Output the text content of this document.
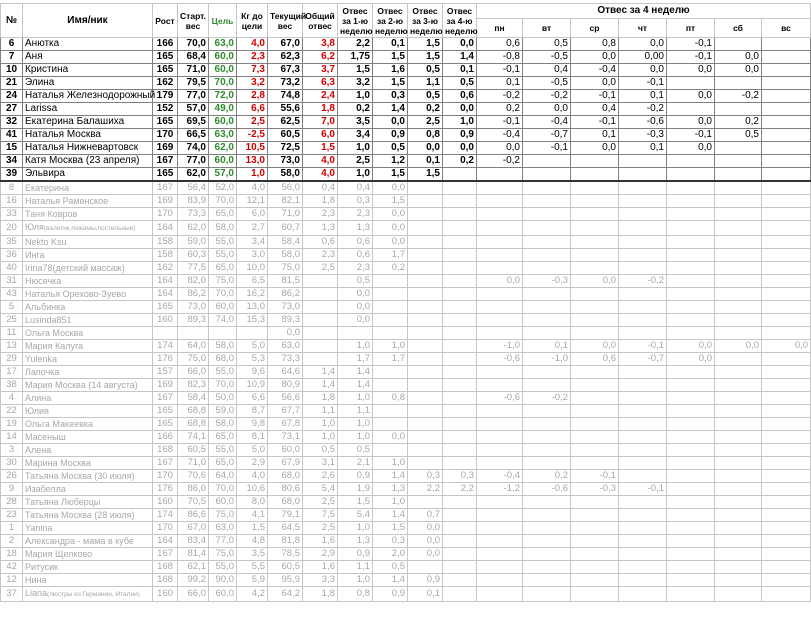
№	Имя/ник	Рост	Старт. вес	Цель	Кг до цели	Текущий вес	Общий отвес	Отвес за 1-ю неделю	Отвес за 2-ю неделю	Отвес за 3-ю неделю	Отвес за 4-ю неделю	Отвес за 4 неделю						
												пн	вт	ср	чт	пт	сб	вс
6	Анютка	166	70,0	63,0	4,0	67,0	3,8	2,2	0,1	1,5	0,0	0,6	0,5	0,8	0,0	-0,1		
7	Аня	165	68,4	60,0	2,3	62,3	6,2	1,75	1,5	1,5	1,4	-0,8	-0,5	0,0	0,00	-0,1	0,0	
10	Кристина	165	71,0	60,0	7,3	67,3	3,7	1,5	1,6	0,5	0,1	-0,1	0,4	-0,4	0,0	0,0	0,0	
21	Элина	162	79,5	70,0	3,2	73,2	6,3	3,2	1,5	1,1	0,5	0,1	-0,5	0,0	-0,1			
24	Наталья Железнодорожный	179	77,0	72,0	2,8	74,8	2,4	1,0	0,3	0,5	0,6	-0,2	-0,2	-0,1	0,1	0,0	-0,2	
27	Larissa	152	57,0	49,0	6,6	55,6	1,8	0,2	1,4	0,2	0,0	0,2	0,0	0,4	-0,2			
32	Екатерина Балашиха	165	69,5	60,0	2,5	62,5	7,0	3,5	0,0	2,5	1,0	-0,1	-0,4	-0,1	-0,6	0,0	0,2	
41	Наталья Москва	170	66,5	63,0	-2,5	60,5	6,0	3,4	0,9	0,8	0,9	-0,4	-0,7	0,1	-0,3	-0,1	0,5	
15	Наталья Нижневартовск	169	74,0	62,0	10,5	72,5	1,5	1,0	0,5	0,0	0,0	0,0	-0,1	0,0	0,1	0,0		
34	Катя Москва (23 апреля)	167	77,0	60,0	13,0	73,0	4,0	2,5	1,2	0,1	0,2	-0,2						
39	Эльвира	165	62,0	57,0	1,0	58,0	4,0	1,0	1,5	1,5								
8	Екатерина	167	56,4	52,0	4,0	56,0	0,4	0,4	0,0									
16	Наталья Раменское	169	83,9	70,0	12,1	82,1	1,8	0,3	1,5									
33	Таня Ковров	170	73,3	65,0	6,0	71,0	2,3	2,3	0,0									
20	Юля(валетик,пижамы,постельные)	164	62,0	58,0	2,7	60,7	1,3	1,3	0,0									
35	Nekto Ksu	158	59,0	55,0	3,4	58,4	0,6	0,6	0,0									
36	Инга	158	60,3	55,0	3,0	58,0	2,3	0,6	1,7									
40	Irina78(детский массаж)	162	77,5	65,0	10,0	75,0	2,5	2,3	0,2									
31	Нюсечка	164	82,0	75,0	6,5	81,5		0,5				0,0	-0,3	0,0	-0,2			
43	Наталья Орехово-Зуево	164	86,2	70,0	16,2	86,2		0,0										
5	Альбинка	165	73,0	60,0	13,0	73,0		0,0										
25	Lusinda851	160	89,3	74,0	15,3	89,3		0,0										
11	Ольга Москва					0,0												
13	Мария Калуга	174	64,0	58,0	5,0	63,0		1,0	1,0			-1,0	0,1	0,0	-0,1	0,0	0,0	0,0
29	Yulenka	176	75,0	68,0	5,3	73,3		1,7	1,7			-0,6	-1,0	0,6	-0,7	0,0		
17	Лапочка	157	66,0	55,0	9,6	64,6	1,4	1,4										
38	Мария Москва (14 августа)	169	82,3	70,0	10,9	80,9	1,4	1,4										
4	Алина	167	58,4	50,0	6,6	56,6	1,8	1,0	0,8			-0,6	-0,2					
22	Юлия	165	68,8	59,0	8,7	67,7	1,1	1,1										
19	Ольга Макеевка	165	68,8	58,0	9,8	67,8	1,0	1,0										
14	Масеныш	166	74,1	65,0	8,1	73,1	1,0	1,0	0,0									
3	Алена	168	60,5	55,0	5,0	60,0	0,5	0,5										
30	Марина Москва	167	71,0	65,0	2,9	67,9	3,1	2,1	1,0									
26	Татьяна Москва (30 июля)	170	70,6	64,0	4,0	68,0	2,6	0,9	1,4	0,3	0,3	-0,4	0,2	-0,1				
9	Изабелла	176	86,0	70,0	10,6	80,6	5,4	1,9	1,3	2,2	2,2	-1,2	-0,6	-0,3	-0,1			
28	Татьяна Люберцы	160	70,5	60,0	8,0	68,0	2,5	1,5	1,0									
23	Татьяна Москва (28 июля)	174	86,6	75,0	4,1	79,1	7,5	5,4	1,4	0,7								
1	Yanina	170	67,0	63,0	1,5	64,5	2,5	1,0	1,5	0,0								
2	Александра - мама в кубе	164	83,4	77,0	4,8	81,8	1,6	1,3	0,3	0,0								
18	Мария Щелково	167	81,4	75,0	3,5	78,5	2,9	0,9	2,0	0,0								
42	Ритусик	168	62,1	55,0	5,5	60,5	1,6	1,1	0,5									
12	Нина	168	99,2	90,0	5,9	95,9	3,3	1,0	1,4	0,9								
37	Liana(люстры из Германии, Италии)	160	66,0	60,0	4,2	64,2	1,8	0,8	0,9	0,1								
